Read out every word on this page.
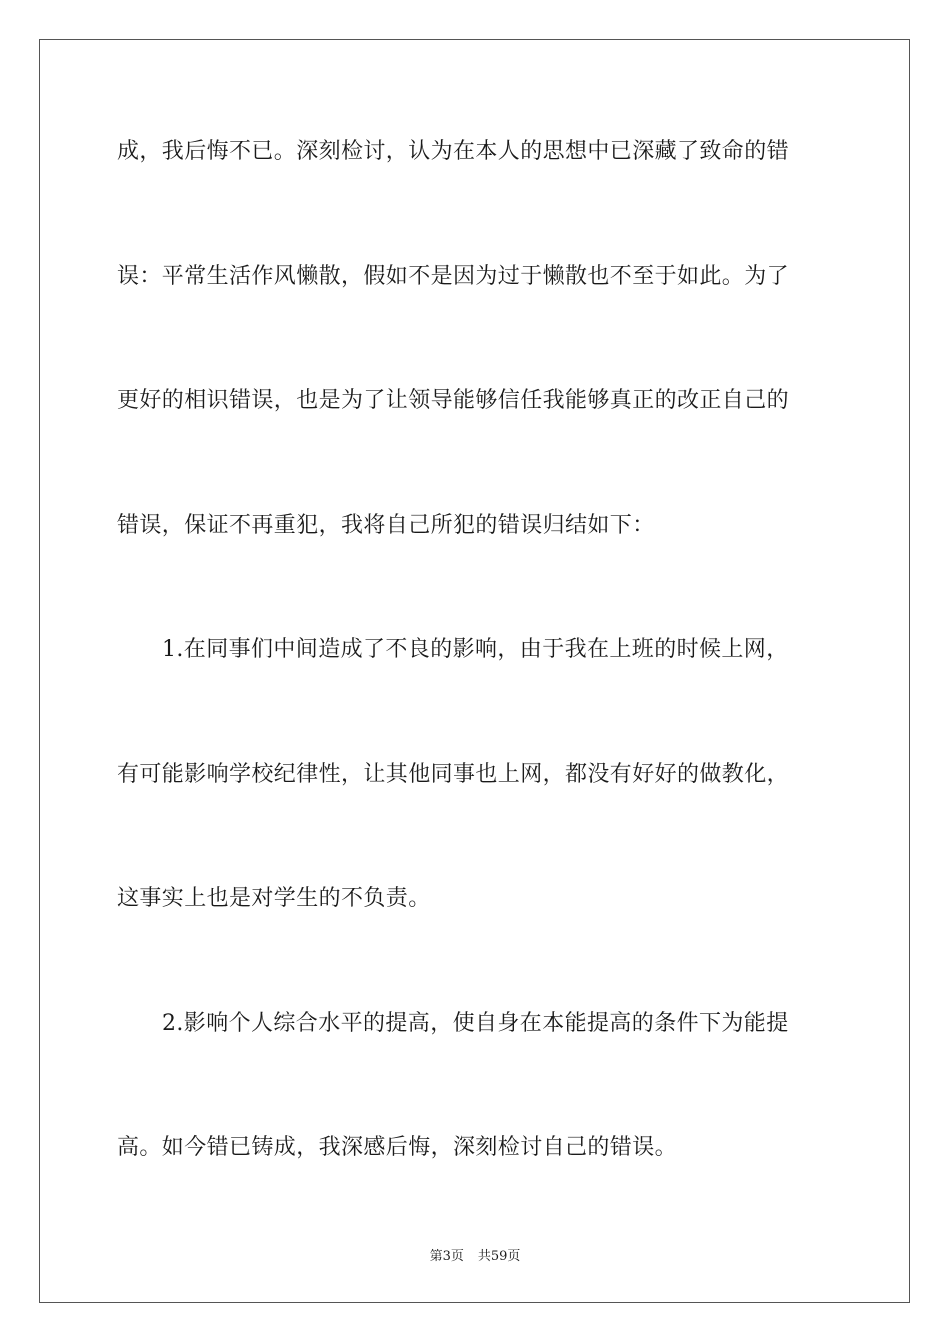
成，我后悔不已。深刻检讨，认为在本人的思想中已深藏了致命的错
误：平常生活作风懒散，假如不是因为过于懒散也不至于如此。为了
更好的相识错误，也是为了让领导能够信任我能够真正的改正自己的
错误，保证不再重犯，我将自己所犯的错误归结如下：
1.在同事们中间造成了不良的影响，由于我在上班的时候上网，
有可能影响学校纪律性，让其他同事也上网，都没有好好的做教化，
这事实上也是对学生的不负责。
2.影响个人综合水平的提高，使自身在本能提高的条件下为能提
高。如今错已铸成，我深感后悔，深刻检讨自己的错误。
第3页 共59页
